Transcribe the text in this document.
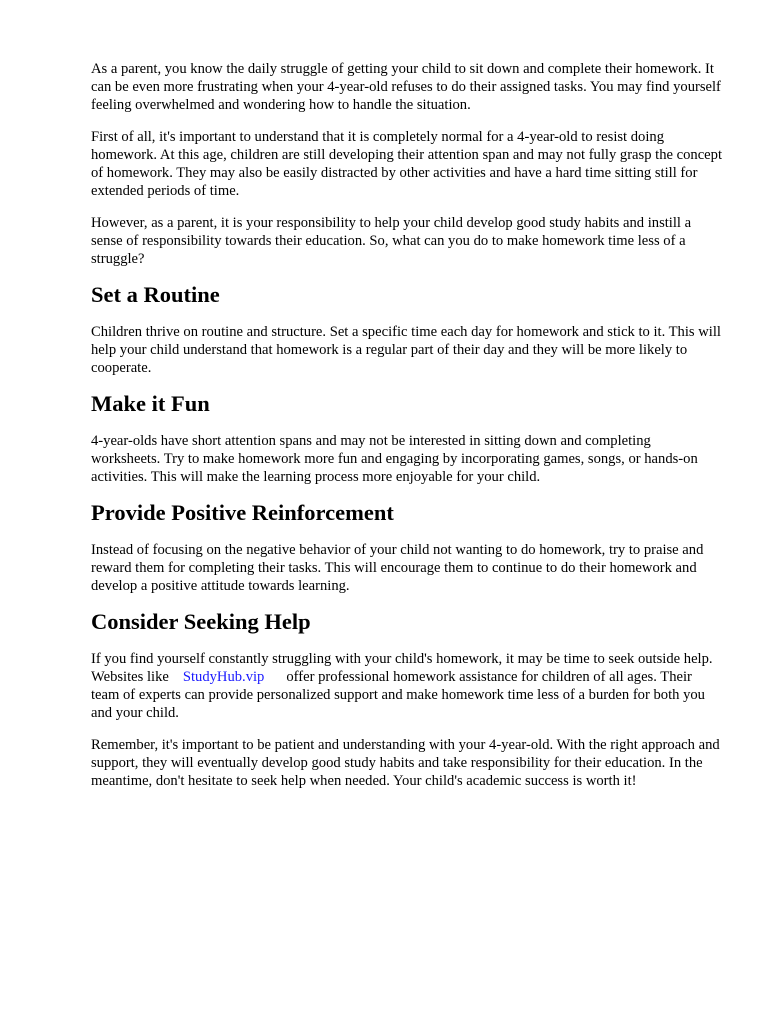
As a parent, you know the daily struggle of getting your child to sit down and complete their homework. It can be even more frustrating when your 4-year-old refuses to do their assigned tasks. You may find yourself feeling overwhelmed and wondering how to handle the situation.

First of all, it's important to understand that it is completely normal for a 4-year-old to resist doing homework. At this age, children are still developing their attention span and may not fully grasp the concept of homework. They may also be easily distracted by other activities and have a hard time sitting still for extended periods of time.

However, as a parent, it is your responsibility to help your child develop good study habits and instill a sense of responsibility towards their education. So, what can you do to make homework time less of a struggle?

Set a Routine

Children thrive on routine and structure. Set a specific time each day for homework and stick to it. This will help your child understand that homework is a regular part of their day and they will be more likely to cooperate.

Make it Fun

4-year-olds have short attention spans and may not be interested in sitting down and completing worksheets. Try to make homework more fun and engaging by incorporating games, songs, or hands-on activities. This will make the learning process more enjoyable for your child.

Provide Positive Reinforcement

Instead of focusing on the negative behavior of your child not wanting to do homework, try to praise and reward them for completing their tasks. This will encourage them to continue to do their homework and develop a positive attitude towards learning.

Consider Seeking Help

If you find yourself constantly struggling with your child's homework, it may be time to seek outside help. Websites like StudyHub.vip offer professional homework assistance for children of all ages. Their team of experts can provide personalized support and make homework time less of a burden for both you and your child.

Remember, it's important to be patient and understanding with your 4-year-old. With the right approach and support, they will eventually develop good study habits and take responsibility for their education. In the meantime, don't hesitate to seek help when needed. Your child's academic success is worth it!
